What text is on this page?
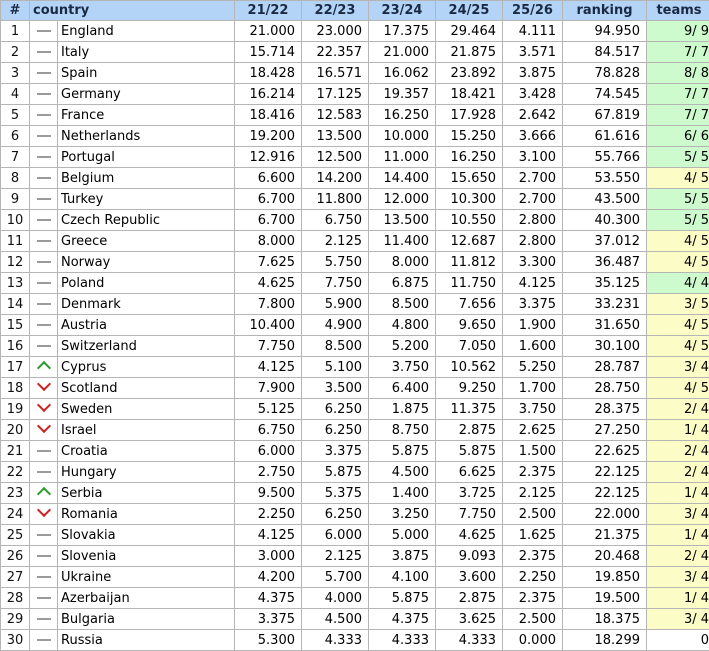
#	country		21/22	22/23	23/24	24/25	25/26	ranking	teams
1		England	21.000	23.000	17.375	29.464	4.111	94.950	9/ 9
2		Italy	15.714	22.357	21.000	21.875	3.571	84.517	7/ 7
3		Spain	18.428	16.571	16.062	23.892	3.875	78.828	8/ 8
4		Germany	16.214	17.125	19.357	18.421	3.428	74.545	7/ 7
5		France	18.416	12.583	16.250	17.928	2.642	67.819	7/ 7
6		Netherlands	19.200	13.500	10.000	15.250	3.666	61.616	6/ 6
7		Portugal	12.916	12.500	11.000	16.250	3.100	55.766	5/ 5
8		Belgium	6.600	14.200	14.400	15.650	2.700	53.550	4/ 5
9		Turkey	6.700	11.800	12.000	10.300	2.700	43.500	5/ 5
10		Czech Republic	6.700	6.750	13.500	10.550	2.800	40.300	5/ 5
11		Greece	8.000	2.125	11.400	12.687	2.800	37.012	4/ 5
12		Norway	7.625	5.750	8.000	11.812	3.300	36.487	4/ 5
13		Poland	4.625	7.750	6.875	11.750	4.125	35.125	4/ 4
14		Denmark	7.800	5.900	8.500	7.656	3.375	33.231	3/ 5
15		Austria	10.400	4.900	4.800	9.650	1.900	31.650	4/ 5
16		Switzerland	7.750	8.500	5.200	7.050	1.600	30.100	4/ 5
17		Cyprus	4.125	5.100	3.750	10.562	5.250	28.787	3/ 4
18		Scotland	7.900	3.500	6.400	9.250	1.700	28.750	4/ 5
19		Sweden	5.125	6.250	1.875	11.375	3.750	28.375	2/ 4
20		Israel	6.750	6.250	8.750	2.875	2.625	27.250	1/ 4
21		Croatia	6.000	3.375	5.875	5.875	1.500	22.625	2/ 4
22		Hungary	2.750	5.875	4.500	6.625	2.375	22.125	2/ 4
23		Serbia	9.500	5.375	1.400	3.725	2.125	22.125	1/ 4
24		Romania	2.250	6.250	3.250	7.750	2.500	22.000	3/ 4
25		Slovakia	4.125	6.000	5.000	4.625	1.625	21.375	1/ 4
26		Slovenia	3.000	2.125	3.875	9.093	2.375	20.468	2/ 4
27		Ukraine	4.200	5.700	4.100	3.600	2.250	19.850	3/ 4
28		Azerbaijan	4.375	4.000	5.875	2.875	2.375	19.500	1/ 4
29		Bulgaria	3.375	4.500	4.375	3.625	2.500	18.375	3/ 4
30		Russia	5.300	4.333	4.333	4.333	0.000	18.299	0
